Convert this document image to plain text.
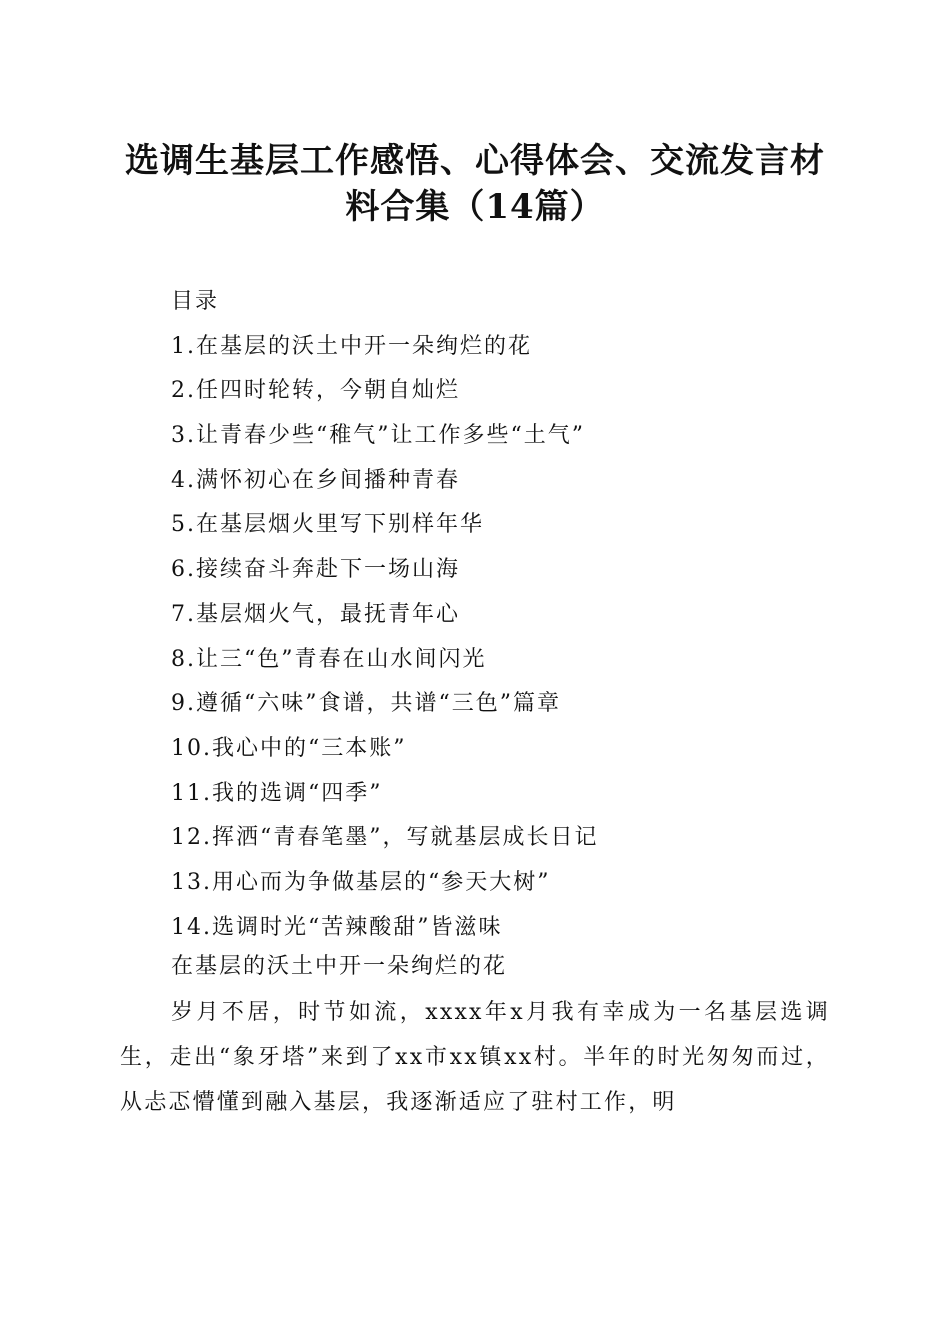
选调生基层工作感悟、心得体会、交流发言材
料合集（14篇）
目录
1.在基层的沃土中开一朵绚烂的花
2.任四时轮转，今朝自灿烂
3.让青春少些“稚气”让工作多些“土气”
4.满怀初心在乡间播种青春
5.在基层烟火里写下别样年华
6.接续奋斗奔赴下一场山海
7.基层烟火气，最抚青年心
8.让三“色”青春在山水间闪光
9.遵循“六味”食谱，共谱“三色”篇章
10.我心中的“三本账”
11.我的选调“四季”
12.挥洒“青春笔墨”，写就基层成长日记
13.用心而为争做基层的“参天大树”
14.选调时光“苦辣酸甜”皆滋味
在基层的沃土中开一朵绚烂的花

岁月不居，时节如流，xxxx年x月我有幸成为一名基层选调生，走出“象牙塔”来到了xx市xx镇xx村。半年的时光匆匆而过，从忐忑懵懂到融入基层，我逐渐适应了驻村工作，明
